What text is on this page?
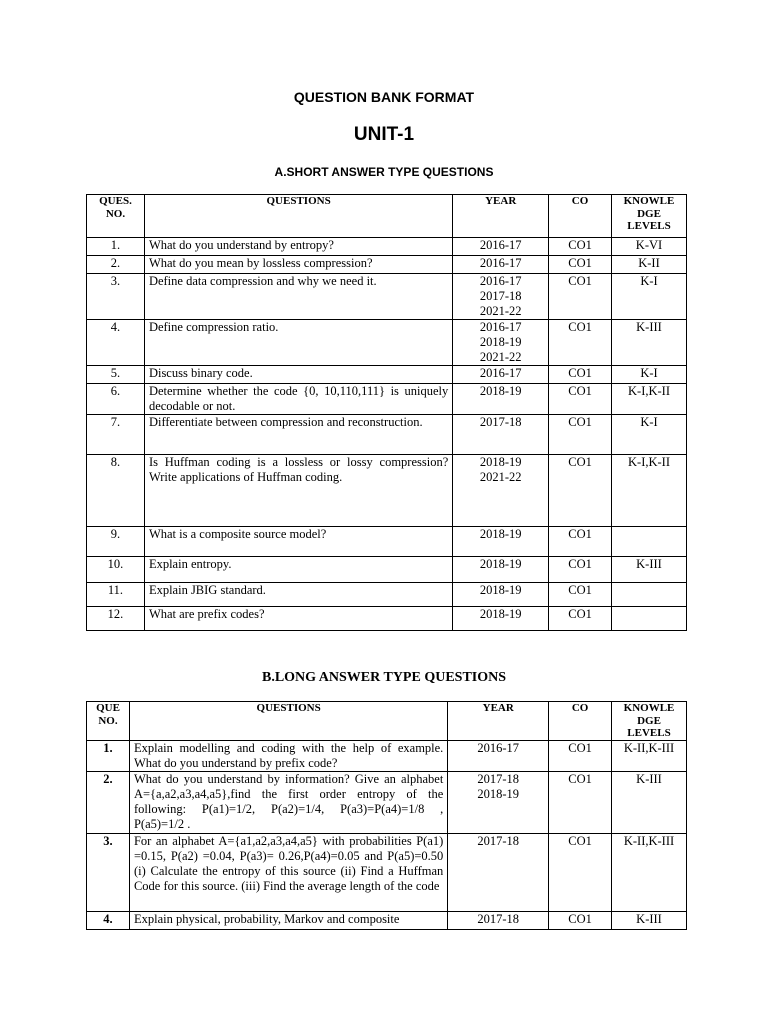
QUESTION BANK FORMAT
UNIT-1
A.SHORT ANSWER TYPE QUESTIONS
QUES. NO.	QUESTIONS	YEAR	CO	KNOWLE DGE LEVELS
1.	What do you understand by entropy?	2016-17	CO1	K-VI
2.	What do you mean by lossless compression?	2016-17	CO1	K-II
3.	Define data compression and why we need it.	2016-17
2017-18
2021-22	CO1	K-I
4.	Define compression ratio.	2016-17
2018-19
2021-22	CO1	K-III
5.	Discuss binary code.	2016-17	CO1	K-I
6.	Determine whether the code {0, 10,110,111} is uniquely decodable or not.	2018-19	CO1	K-I,K-II
7.	Differentiate between compression and reconstruction.	2017-18	CO1	K-I
8.	Is Huffman coding is a lossless or lossy compression? Write applications of Huffman coding.	2018-19
2021-22	CO1	K-I,K-II
9.	What is a composite source model?	2018-19	CO1	
10.	Explain entropy.	2018-19	CO1	K-III
11.	Explain JBIG standard.	2018-19	CO1	
12.	What are prefix codes?	2018-19	CO1	
B.LONG ANSWER TYPE QUESTIONS
QUE NO.	QUESTIONS	YEAR	CO	KNOWLE DGE LEVELS
1.	Explain modelling and coding with the help of example. What do you understand by prefix code?	2016-17	CO1	K-II,K-III
2.	What do you understand by information? Give an alphabet A={a,a2,a3,a4,a5},find the first order entropy of the following: P(a1)=1/2, P(a2)=1/4, P(a3)=P(a4)=1/8 , P(a5)=1/2 .	2017-18
2018-19	CO1	K-III
3.	For an alphabet A={a1,a2,a3,a4,a5} with probabilities P(a1) =0.15, P(a2) =0.04, P(a3)= 0.26,P(a4)=0.05 and P(a5)=0.50 (i) Calculate the entropy of this source (ii) Find a Huffman Code for this source. (iii) Find the average length of the code	2017-18	CO1	K-II,K-III
4.	Explain physical, probability, Markov and composite	2017-18	CO1	K-III
